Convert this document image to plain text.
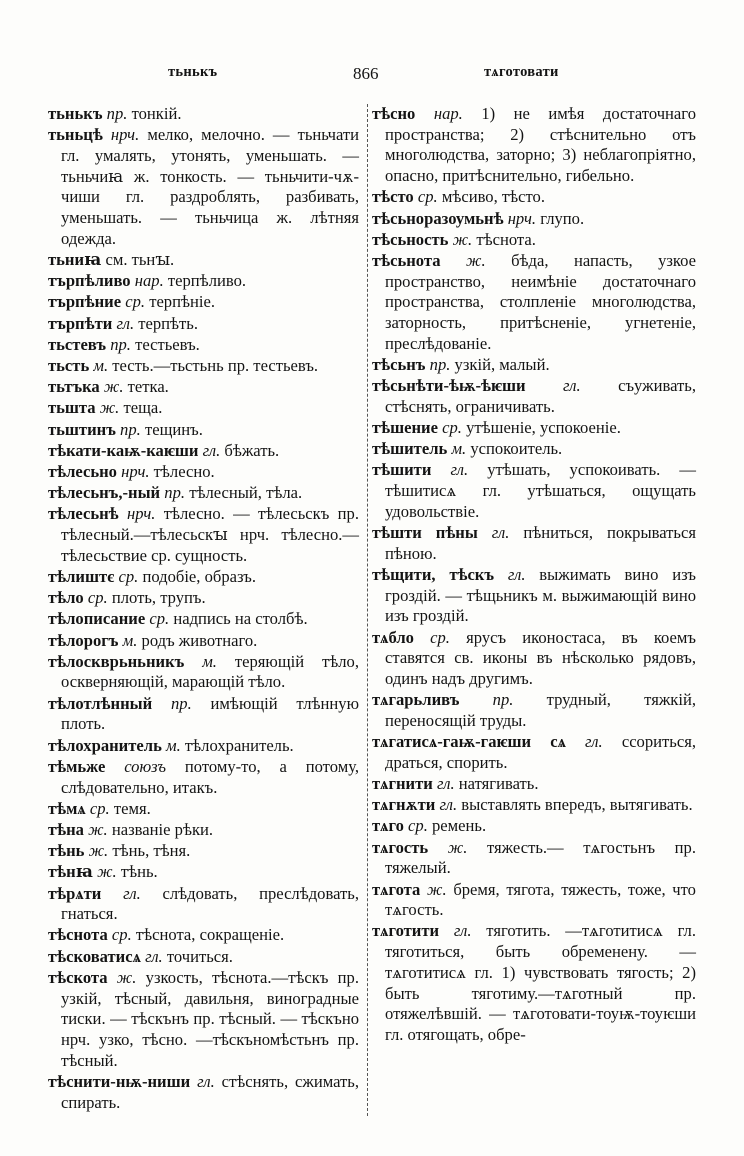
тьнькъ	866	тѧготовати
тьнькъ пр. тонкій.
тьньцѣ нрч. мелко, мелочно. — тьньчати гл. умалять, утонять, уменьшать. — тьньчиꙗ ж. тонкость. — тьньчити-чѫ-чиши гл. раздроблять, разбивать, уменьшать. — тьньчица ж. лѣтняя одежда.
тьниꙗ см. тьнꙑ.
търпѣливо нар. терпѣливо.
търпѣние ср. терпѣніе.
търпѣти гл. терпѣть.
тьстевъ пр. тестьевъ.
тьсть м. тесть.—тьстьнь пр. тестьевъ.
тьтъка ж. тетка.
тьшта ж. теща.
тьштинъ пр. тещинъ.
тѣкати-каѭ-каѥши гл. бѣжать.
тѣлесьно нрч. тѣлесно.
тѣлесьнъ,-ный пр. тѣлесный, тѣла.
тѣлесьнѣ нрч. тѣлесно. — тѣлесьскъ пр. тѣлесный.—тѣлесьскꙑ нрч. тѣлесно.—тѣлесьствие ср. сущность.
тѣлиштє ср. подобіе, образъ.
тѣло ср. плоть, трупъ.
тѣлописание ср. надпись на столбѣ.
тѣлорогъ м. родъ животнаго.
тѣлоскврьньникъ м. теряющій тѣло, оскверняющій, марающій тѣло.
тѣлотлѣнный пр. имѣющій тлѣнную плоть.
тѣлохранитель м. тѣлохранитель.
тѣмьже союзъ потому-то, а потому, слѣдовательно, итакъ.
тѣмѧ ср. темя.
тѣна ж. названіе рѣки.
тѣнь ж. тѣнь, тѣня.
тѣнꙗ ж. тѣнь.
тѣрѧти гл. слѣдовать, преслѣдовать, гнаться.
тѣснота ср. тѣснота, сокращеніе.
тѣсковатисѧ гл. точиться.
тѣскота ж. узкость, тѣснота.—тѣскъ пр. узкій, тѣсный, давильня, виноградные тиски. — тѣскънъ пр. тѣсный. — тѣскъно нрч. узко, тѣсно. —тѣскъномѣстьнъ пр. тѣсный.
тѣснити-нѭ-ниши гл. стѣснять, сжимать, спирать.
тѣсно нар. 1) не имѣя достаточнаго пространства; 2) стѣснительно отъ многолюдства, заторно; 3) неблагопріятно, опасно, притѣснительно, гибельно.
тѣсто ср. мѣсиво, тѣсто.
тѣсьноразоумьнѣ нрч. глупо.
тѣсьность ж. тѣснота.
тѣсьнота ж. бѣда, напасть, узкое пространство, неимѣніе достаточнаго пространства, столпленіе многолюдства, заторность, притѣсненіе, угнетеніе, преслѣдованіе.
тѣсьнъ пр. узкій, малый.
тѣсьнѣти-ѣѭ-ѣѥши гл. съуживать, стѣснять, ограничивать.
тѣшение ср. утѣшеніе, успокоеніе.
тѣшитель м. успокоитель.
тѣшити гл. утѣшать, успокоивать. — тѣшитисѧ гл. утѣшаться, ощущать удовольствіе.
тѣшти пѣны гл. пѣниться, покрываться пѣною.
тѣщити, тѣскъ гл. выжимать вино изъ гроздій. — тѣщьникъ м. выжимающій вино изъ гроздій.
тѧбло ср. ярусъ иконостаса, въ коемъ ставятся св. иконы въ нѣсколько рядовъ, одинъ надъ другимъ.
тѧгарьливъ пр. трудный, тяжкій, переносящій труды.
тѧгатисѧ-гаѭ-гаѥши сѧ гл. ссориться, драться, спорить.
тѧгнити гл. натягивать.
тѧгнѫти гл. выставлять впередъ, вытягивать.
тѧго ср. ремень.
тѧгость ж. тяжесть.— тѧгостьнъ пр. тяжелый.
тѧгота ж. бремя, тягота, тяжесть, тоже, что тѧгость.
тѧготити гл. тяготить. —тѧготитисѧ гл. тяготиться, быть обременену. — тѧготитисѧ гл. 1) чувствовать тягость; 2) быть тяготиму.—тѧготный пр. отяжелѣвшій. — тѧготовати-тоуѭ-тоуѥши гл. отягощать, обре-
